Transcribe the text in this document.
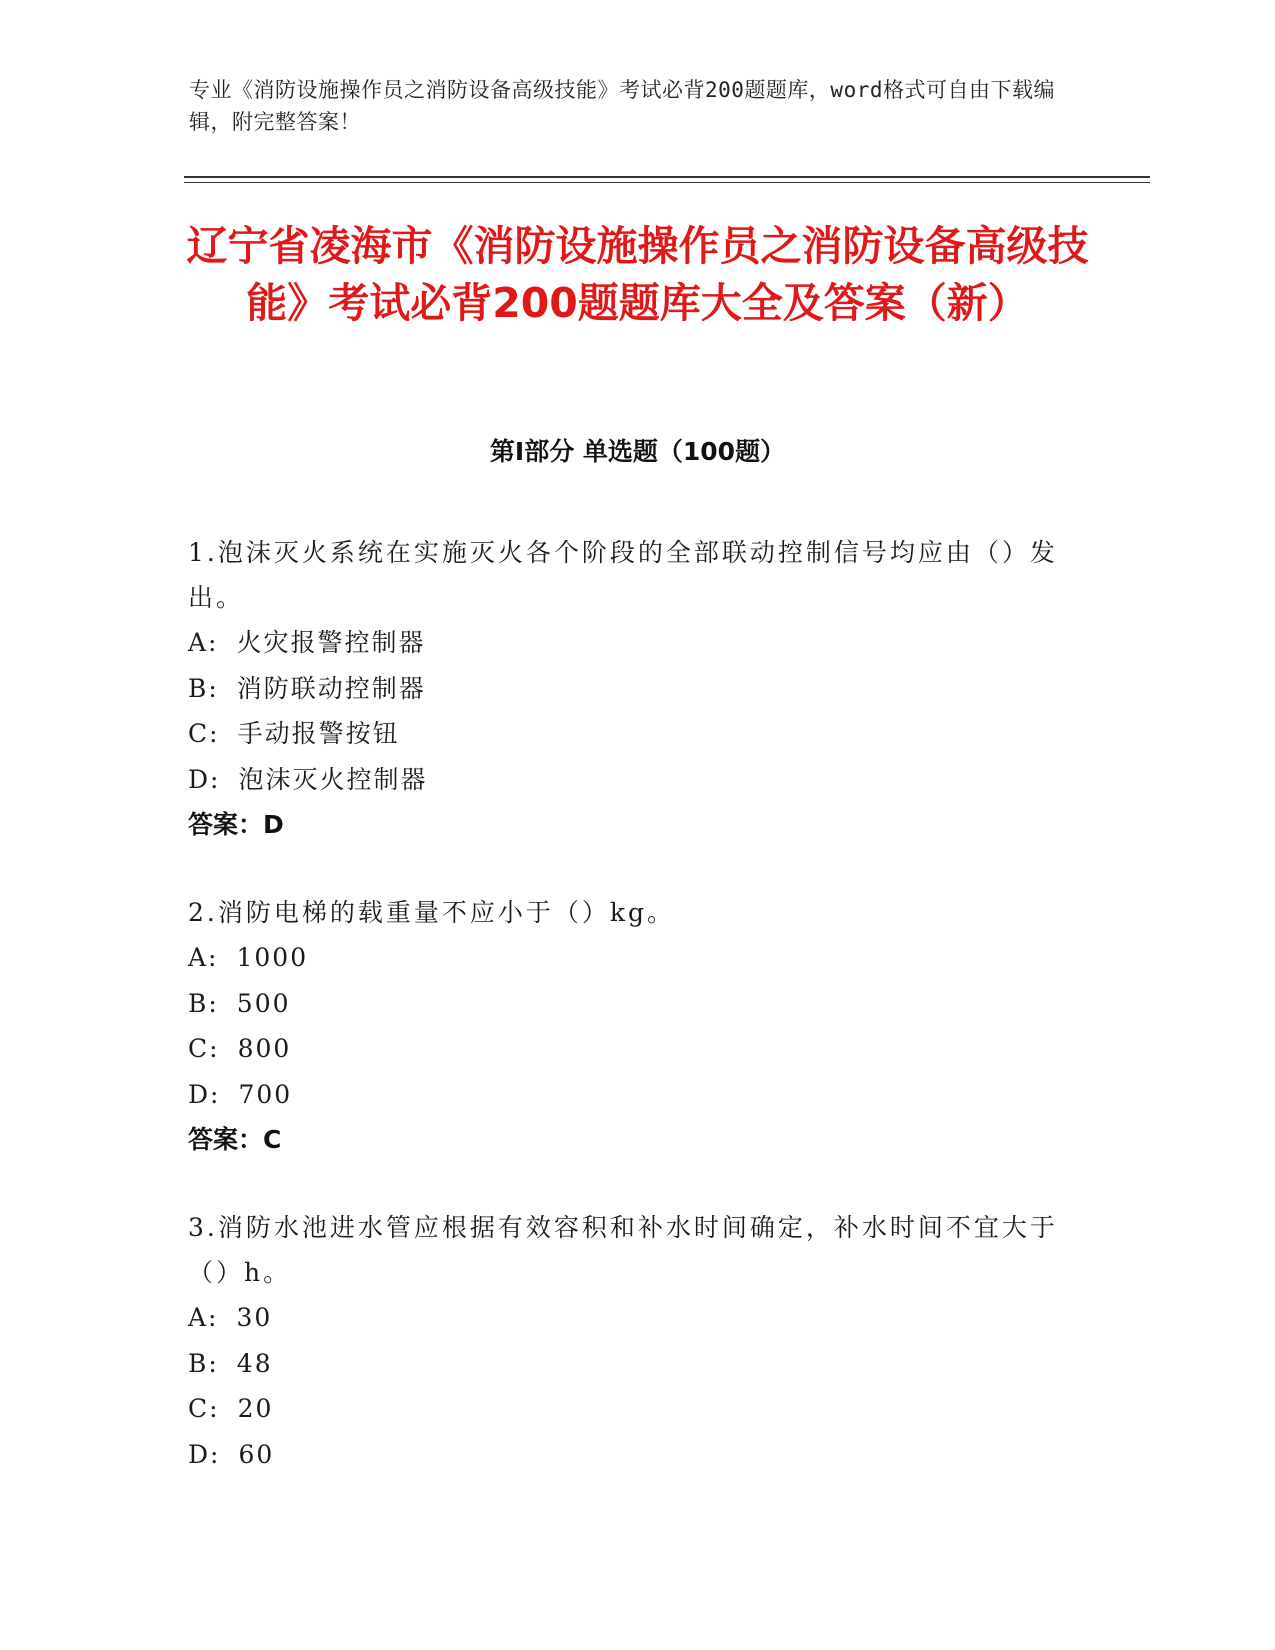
专业《消防设施操作员之消防设备高级技能》考试必背200题题库，word格式可自由下载编辑，附完整答案！
辽宁省凌海市《消防设施操作员之消防设备高级技能》考试必背200题题库大全及答案（新）
第I部分 单选题（100题）
1.泡沫灭火系统在实施灭火各个阶段的全部联动控制信号均应由（）发出。
A: 火灾报警控制器
B: 消防联动控制器
C: 手动报警按钮
D: 泡沫灭火控制器
答案：D
2.消防电梯的载重量不应小于（）kg。
A: 1000
B: 500
C: 800
D: 700
答案：C
3.消防水池进水管应根据有效容积和补水时间确定，补水时间不宜大于（）h。
A: 30
B: 48
C: 20
D: 60
